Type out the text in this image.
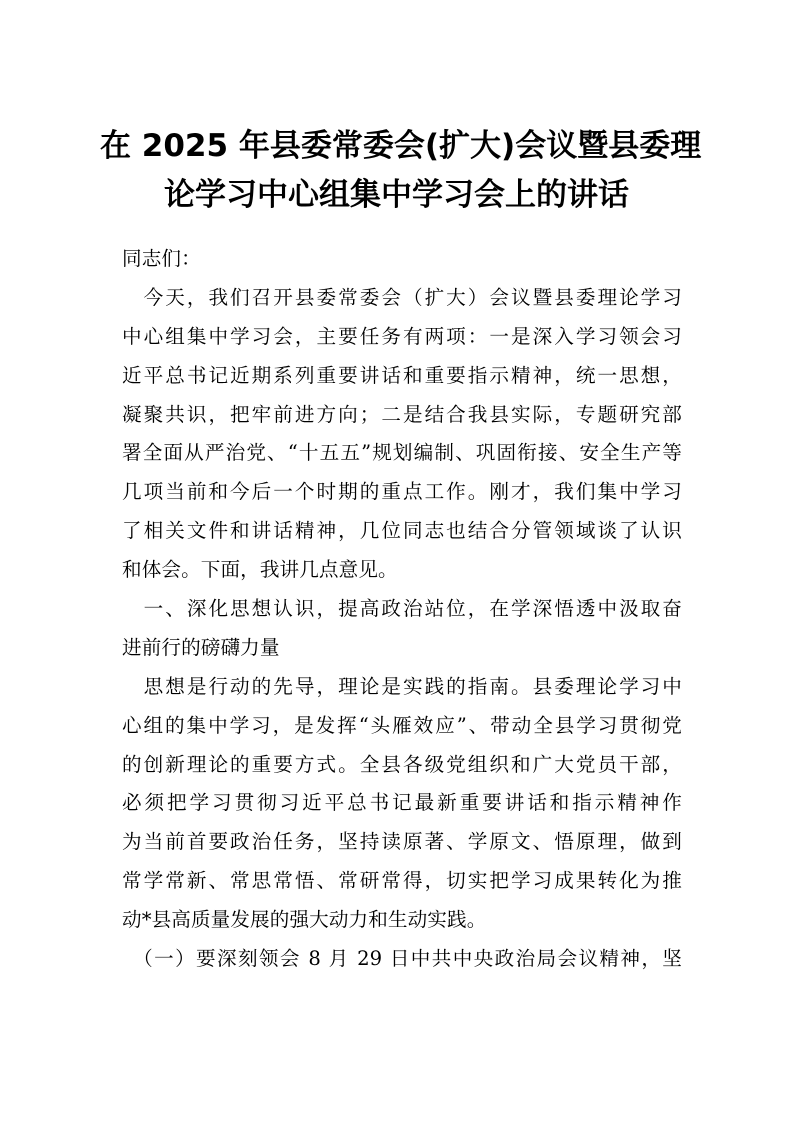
在 2025 年县委常委会(扩大)会议暨县委理
论学习中心组集中学习会上的讲话
同志们：
　今天，我们召开县委常委会（扩大）会议暨县委理论学习
中心组集中学习会，主要任务有两项：一是深入学习领会习
近平总书记近期系列重要讲话和重要指示精神，统一思想，
凝聚共识，把牢前进方向；二是结合我县实际，专题研究部
署全面从严治党、“十五五”规划编制、巩固衔接、安全生产等
几项当前和今后一个时期的重点工作。刚才，我们集中学习
了相关文件和讲话精神，几位同志也结合分管领域谈了认识
和体会。下面，我讲几点意见。
　一、深化思想认识，提高政治站位，在学深悟透中汲取奋
进前行的磅礴力量
　思想是行动的先导，理论是实践的指南。县委理论学习中
心组的集中学习，是发挥“头雁效应”、带动全县学习贯彻党
的创新理论的重要方式。全县各级党组织和广大党员干部，
必须把学习贯彻习近平总书记最新重要讲话和指示精神作
为当前首要政治任务，坚持读原著、学原文、悟原理，做到
常学常新、常思常悟、常研常得，切实把学习成果转化为推
动*县高质量发展的强大动力和生动实践。
　（一）要深刻领会 8 月 29 日中共中央政治局会议精神，坚
